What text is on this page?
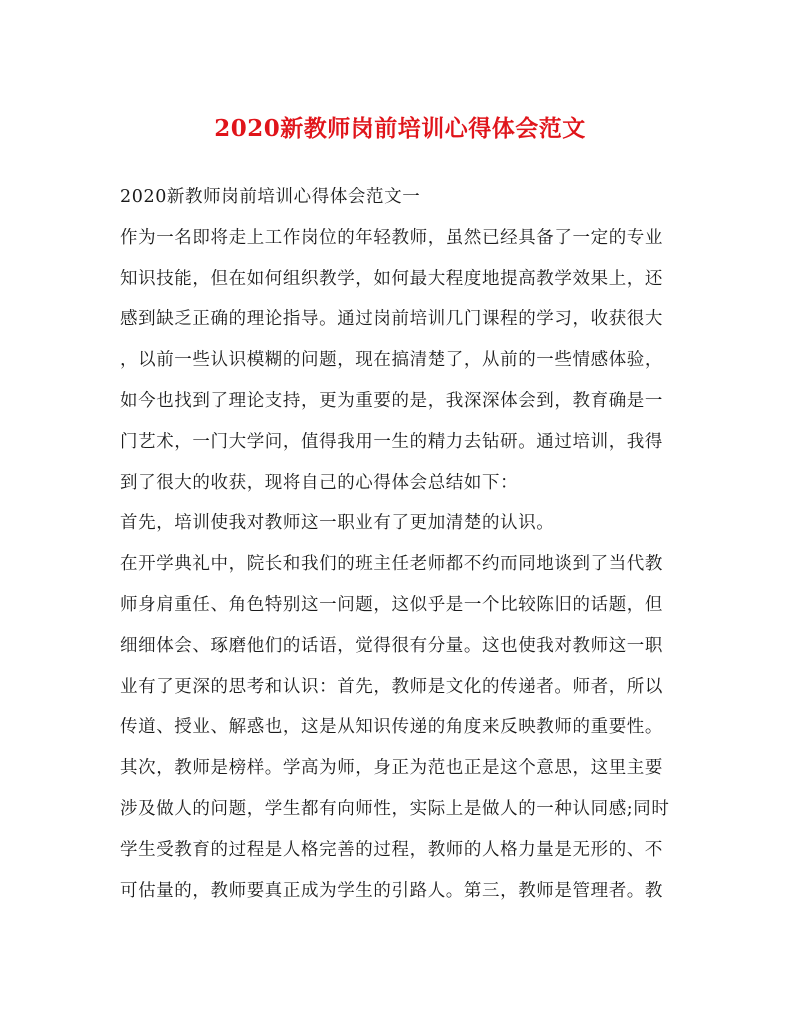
2020新教师岗前培训心得体会范文
2020新教师岗前培训心得体会范文一
作为一名即将走上工作岗位的年轻教师，虽然已经具备了一定的专业
知识技能，但在如何组织教学，如何最大程度地提高教学效果上，还
感到缺乏正确的理论指导。通过岗前培训几门课程的学习，收获很大
，以前一些认识模糊的问题，现在搞清楚了，从前的一些情感体验，
如今也找到了理论支持，更为重要的是，我深深体会到，教育确是一
门艺术，一门大学问，值得我用一生的精力去钻研。通过培训，我得
到了很大的收获，现将自己的心得体会总结如下：
首先，培训使我对教师这一职业有了更加清楚的认识。
在开学典礼中，院长和我们的班主任老师都不约而同地谈到了当代教
师身肩重任、角色特别这一问题，这似乎是一个比较陈旧的话题，但
细细体会、琢磨他们的话语，觉得很有分量。这也使我对教师这一职
业有了更深的思考和认识：首先，教师是文化的传递者。师者，所以
传道、授业、解惑也，这是从知识传递的角度来反映教师的重要性。
其次，教师是榜样。学高为师，身正为范也正是这个意思，这里主要
涉及做人的问题，学生都有向师性，实际上是做人的一种认同感;同时
学生受教育的过程是人格完善的过程，教师的人格力量是无形的、不
可估量的，教师要真正成为学生的引路人。第三，教师是管理者。教
